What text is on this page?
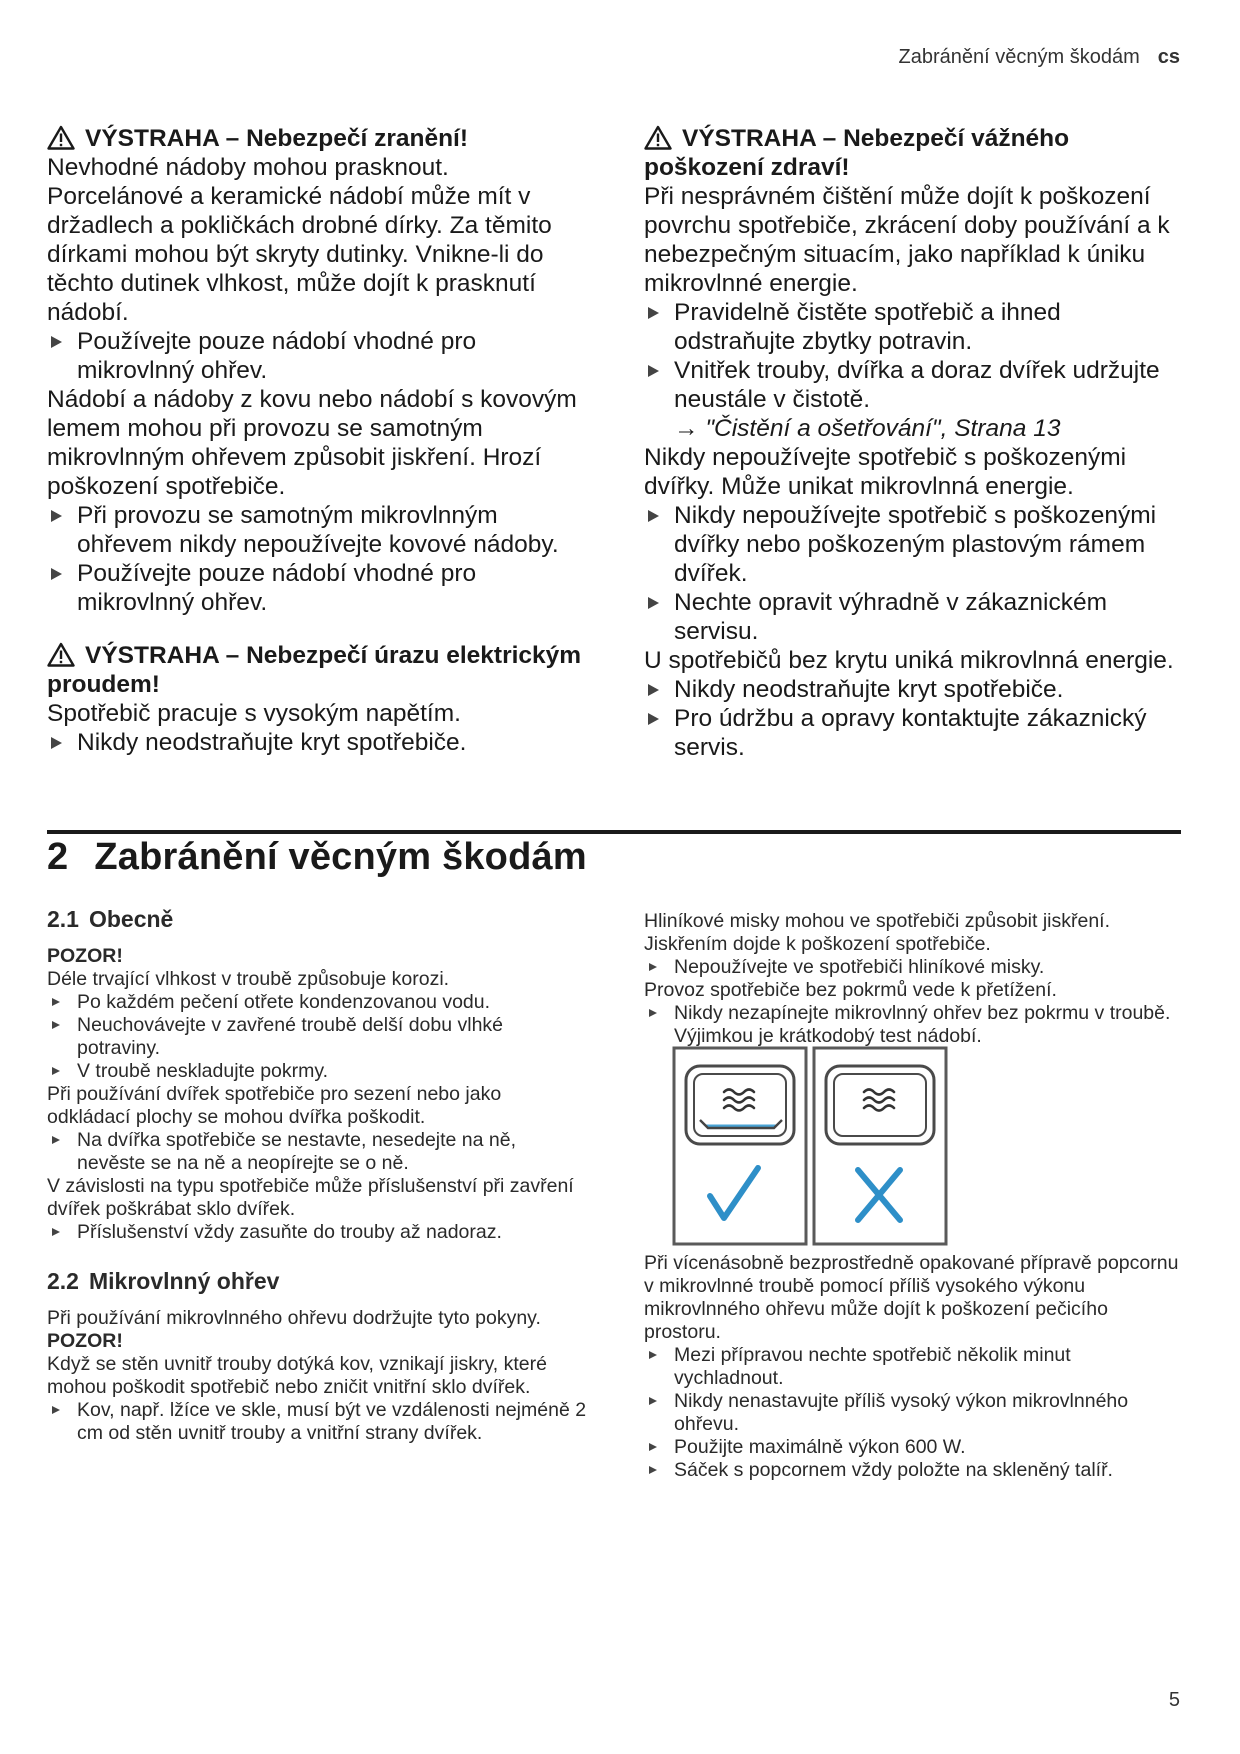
Zabránění věcným škodám cs
VÝSTRAHA – Nebezpečí zranění!

Nevhodné nádoby mohou prasknout. Porcelánové a keramické nádobí může mít v držadlech a pokličkách drobné dírky. Za těmito dírkami mohou být skryty dutinky. Vnikne-li do těchto dutinek vlhkost, může dojít k prasknutí nádobí.

Používejte pouze nádobí vhodné pro mikrovlnný ohřev.

Nádobí a nádoby z kovu nebo nádobí s kovovým lemem mohou při provozu se samotným mikrovlnným ohřevem způsobit jiskření. Hrozí poškození spotřebiče.

Při provozu se samotným mikrovlnným ohřevem nikdy nepoužívejte kovové nádoby.
Používejte pouze nádobí vhodné pro mikrovlnný ohřev.
VÝSTRAHA – Nebezpečí úrazu elektrickým proudem!

Spotřebič pracuje s vysokým napětím.

Nikdy neodstraňujte kryt spotřebiče.
VÝSTRAHA – Nebezpečí vážného poškození zdraví!

Při nesprávném čištění může dojít k poškození povrchu spotřebiče, zkrácení doby používání a k nebezpečným situacím, jako například k úniku mikrovlnné energie.

Pravidelně čistěte spotřebič a ihned odstraňujte zbytky potravin.
Vnitřek trouby, dvířka a doraz dvířek udržujte neustále v čistotě.
→ "Čistění a ošetřování", Strana 13

Nikdy nepoužívejte spotřebič s poškozenými dvířky. Může unikat mikrovlnná energie.

Nikdy nepoužívejte spotřebič s poškozenými dvířky nebo poškozeným plastovým rámem dvířek.
Nechte opravit výhradně v zákaznickém servisu.

U spotřebičů bez krytu uniká mikrovlnná energie.

Nikdy neodstraňujte kryt spotřebiče.
Pro údržbu a opravy kontaktujte zákaznický servis.
2 Zabránění věcným škodám
2.1 Obecně

POZOR!

Déle trvající vlhkost v troubě způsobuje korozi.

Po každém pečení otřete kondenzovanou vodu.
Neuchovávejte v zavřené troubě delší dobu vlhké potraviny.
V troubě neskladujte pokrmy.

Při používání dvířek spotřebiče pro sezení nebo jako odkládací plochy se mohou dvířka poškodit.

Na dvířka spotřebiče se nestavte, nesedejte na ně, nevěste se na ně a neopírejte se o ně.

V závislosti na typu spotřebiče může příslušenství při zavření dvířek poškrábat sklo dvířek.

Příslušenství vždy zasuňte do trouby až nadoraz.
2.2 Mikrovlnný ohřev

Při používání mikrovlnného ohřevu dodržujte tyto pokyny.

POZOR!

Když se stěn uvnitř trouby dotýká kov, vznikají jiskry, které mohou poškodit spotřebič nebo zničit vnitřní sklo dvířek.

Kov, např. lžíce ve skle, musí být ve vzdálenosti nejméně 2 cm od stěn uvnitř trouby a vnitřní strany dvířek.

Hliníkové misky mohou ve spotřebiči způsobit jiskření. Jiskřením dojde k poškození spotřebiče.

Nepoužívejte ve spotřebiči hliníkové misky.

Provoz spotřebiče bez pokrmů vede k přetížení.

Nikdy nezapínejte mikrovlnný ohřev bez pokrmu v troubě. Výjimkou je krátkodobý test nádobí.

Při vícenásobně bezprostředně opakované přípravě popcornu v mikrovlnné troubě pomocí příliš vysokého výkonu mikrovlnného ohřevu může dojít k poškození pečicího prostoru.

Mezi přípravou nechte spotřebič několik minut vychladnout.
Nikdy nenastavujte příliš vysoký výkon mikrovlnného ohřevu.
Použijte maximálně výkon 600 W.
Sáček s popcornem vždy položte na skleněný talíř.
5
